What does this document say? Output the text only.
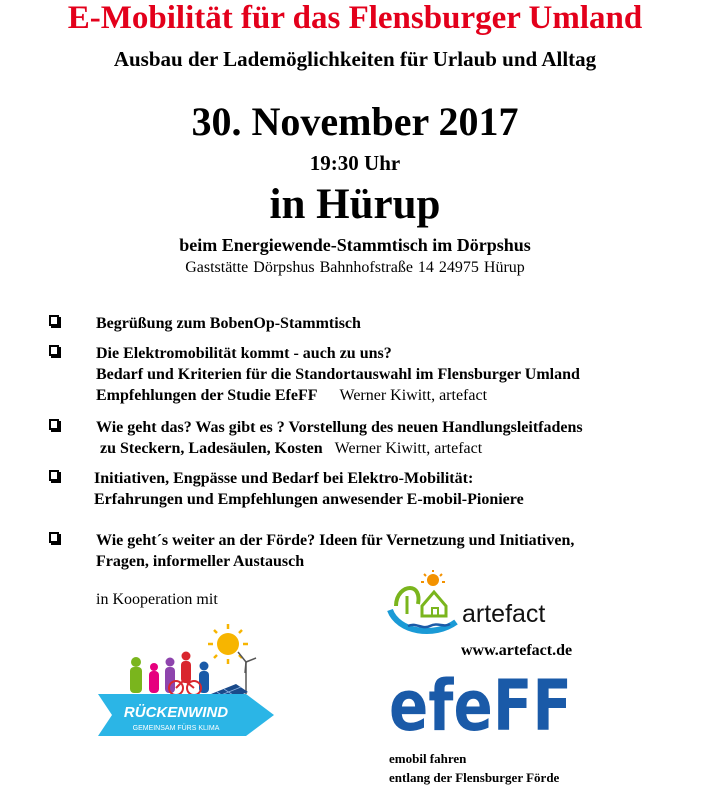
E-Mobilität für das Flensburger Umland
Ausbau der Lademöglichkeiten für Urlaub und Alltag
30. November 2017
19:30 Uhr
in Hürup
beim Energiewende-Stammtisch im Dörpshus
Gaststätte Dörpshus Bahnhofstraße 14 24975 Hürup
Begrüßung zum BobenOp-Stammtisch
Die Elektromobilität kommt - auch zu uns?
Bedarf und Kriterien für die Standortauswahl im Flensburger Umland
Empfehlungen der Studie EfeFF Werner Kiwitt, artefact
Wie geht das? Was gibt es ? Vorstellung des neuen Handlungsleitfadens
zu Steckern, Ladesäulen, Kosten Werner Kiwitt, artefact
Initiativen, Engpässe und Bedarf bei Elektro-Mobilität:
Erfahrungen und Empfehlungen anwesender E-mobil-Pioniere
Wie geht´s weiter an der Förde? Ideen für Vernetzung und Initiativen,
Fragen, informeller Austausch
in Kooperation mit
RÜCKENWIND
GEMEINSAM FÜRS KLIMA
artefact
www.artefact.de
efeFF
emobil fahren
entlang der Flensburger Förde
